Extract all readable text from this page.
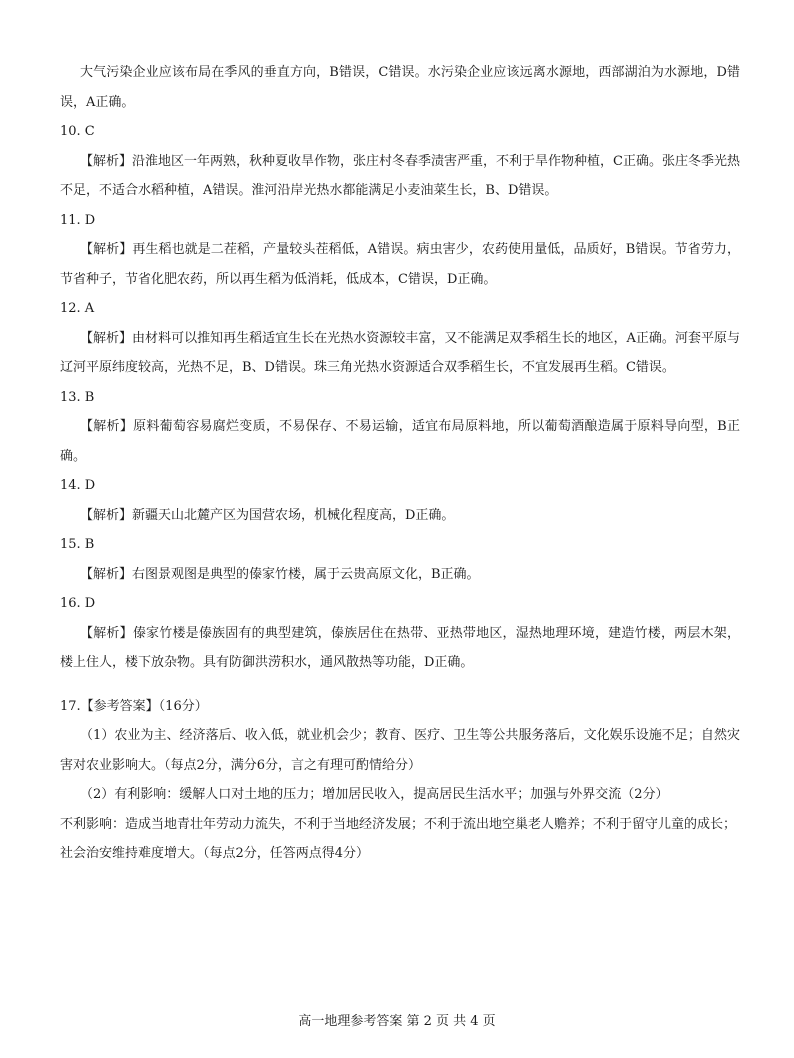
大气污染企业应该布局在季风的垂直方向，B错误，C错误。水污染企业应该远离水源地，西部湖泊为水源地，D错误，A正确。

10. C

【解析】沿淮地区一年两熟，秋种夏收旱作物，张庄村冬春季渍害严重，不利于旱作物种植，C正确。张庄冬季光热不足，不适合水稻种植，A错误。淮河沿岸光热水都能满足小麦油菜生长，B、D错误。

11. D

【解析】再生稻也就是二茬稻，产量较头茬稻低，A错误。病虫害少，农药使用量低，品质好，B错误。节省劳力，节省种子，节省化肥农药，所以再生稻为低消耗，低成本，C错误，D正确。

12. A

【解析】由材料可以推知再生稻适宜生长在光热水资源较丰富，又不能满足双季稻生长的地区，A正确。河套平原与辽河平原纬度较高，光热不足，B、D错误。珠三角光热水资源适合双季稻生长，不宜发展再生稻。C错误。

13. B

【解析】原料葡萄容易腐烂变质，不易保存、不易运输，适宜布局原料地，所以葡萄酒酿造属于原料导向型，B正确。

14. D

【解析】新疆天山北麓产区为国营农场，机械化程度高，D正确。

15. B

【解析】右图景观图是典型的傣家竹楼，属于云贵高原文化，B正确。

16. D

【解析】傣家竹楼是傣族固有的典型建筑，傣族居住在热带、亚热带地区，湿热地理环境，建造竹楼，两层木架，楼上住人，楼下放杂物。具有防御洪涝积水，通风散热等功能，D正确。

17.【参考答案】（16分）

（1）农业为主、经济落后、收入低，就业机会少；教育、医疗、卫生等公共服务落后，文化娱乐设施不足；自然灾害对农业影响大。（每点2分，满分6分，言之有理可酌情给分）

（2）有利影响：缓解人口对土地的压力；增加居民收入，提高居民生活水平；加强与外界交流（2分）

不利影响：造成当地青壮年劳动力流失，不利于当地经济发展；不利于流出地空巢老人赡养；不利于留守儿童的成长；社会治安维持难度增大。（每点2分，任答两点得4分）

高一地理参考答案 第 2 页 共 4 页
